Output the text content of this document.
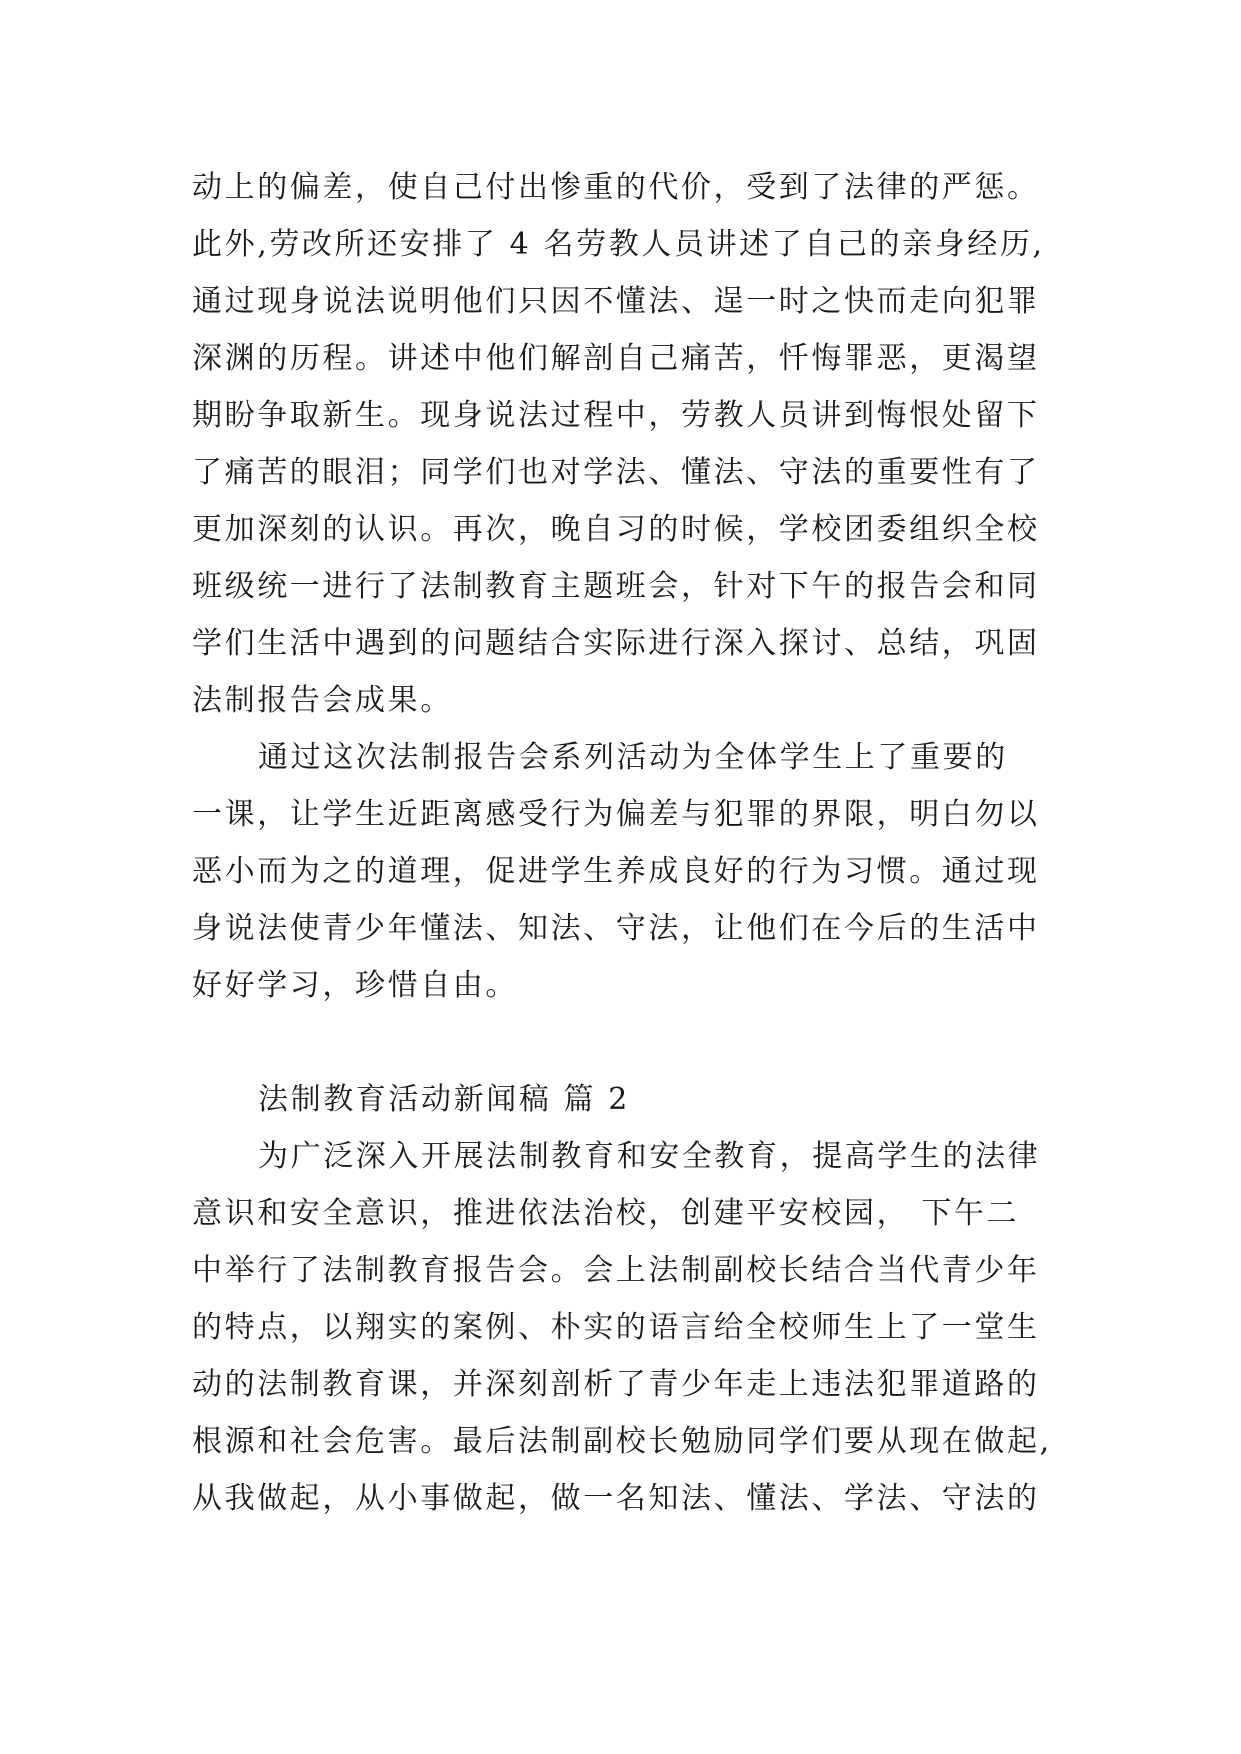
动上的偏差，使自己付出惨重的代价，受到了法律的严惩。
此外,劳改所还安排了 4 名劳教人员讲述了自己的亲身经历,
通过现身说法说明他们只因不懂法、逞一时之快而走向犯罪
深渊的历程。讲述中他们解剖自己痛苦，忏悔罪恶，更渴望
期盼争取新生。现身说法过程中，劳教人员讲到悔恨处留下
了痛苦的眼泪；同学们也对学法、懂法、守法的重要性有了
更加深刻的认识。再次，晚自习的时候，学校团委组织全校
班级统一进行了法制教育主题班会，针对下午的报告会和同
学们生活中遇到的问题结合实际进行深入探讨、总结，巩固
法制报告会成果。
通过这次法制报告会系列活动为全体学生上了重要的
一课，让学生近距离感受行为偏差与犯罪的界限，明白勿以
恶小而为之的道理，促进学生养成良好的行为习惯。通过现
身说法使青少年懂法、知法、守法，让他们在今后的生活中
好好学习，珍惜自由。
法制教育活动新闻稿 篇 2
为广泛深入开展法制教育和安全教育，提高学生的法律
意识和安全意识，推进依法治校，创建平安校园， 下午二
中举行了法制教育报告会。会上法制副校长结合当代青少年
的特点，以翔实的案例、朴实的语言给全校师生上了一堂生
动的法制教育课，并深刻剖析了青少年走上违法犯罪道路的
根源和社会危害。最后法制副校长勉励同学们要从现在做起,
从我做起，从小事做起，做一名知法、懂法、学法、守法的
